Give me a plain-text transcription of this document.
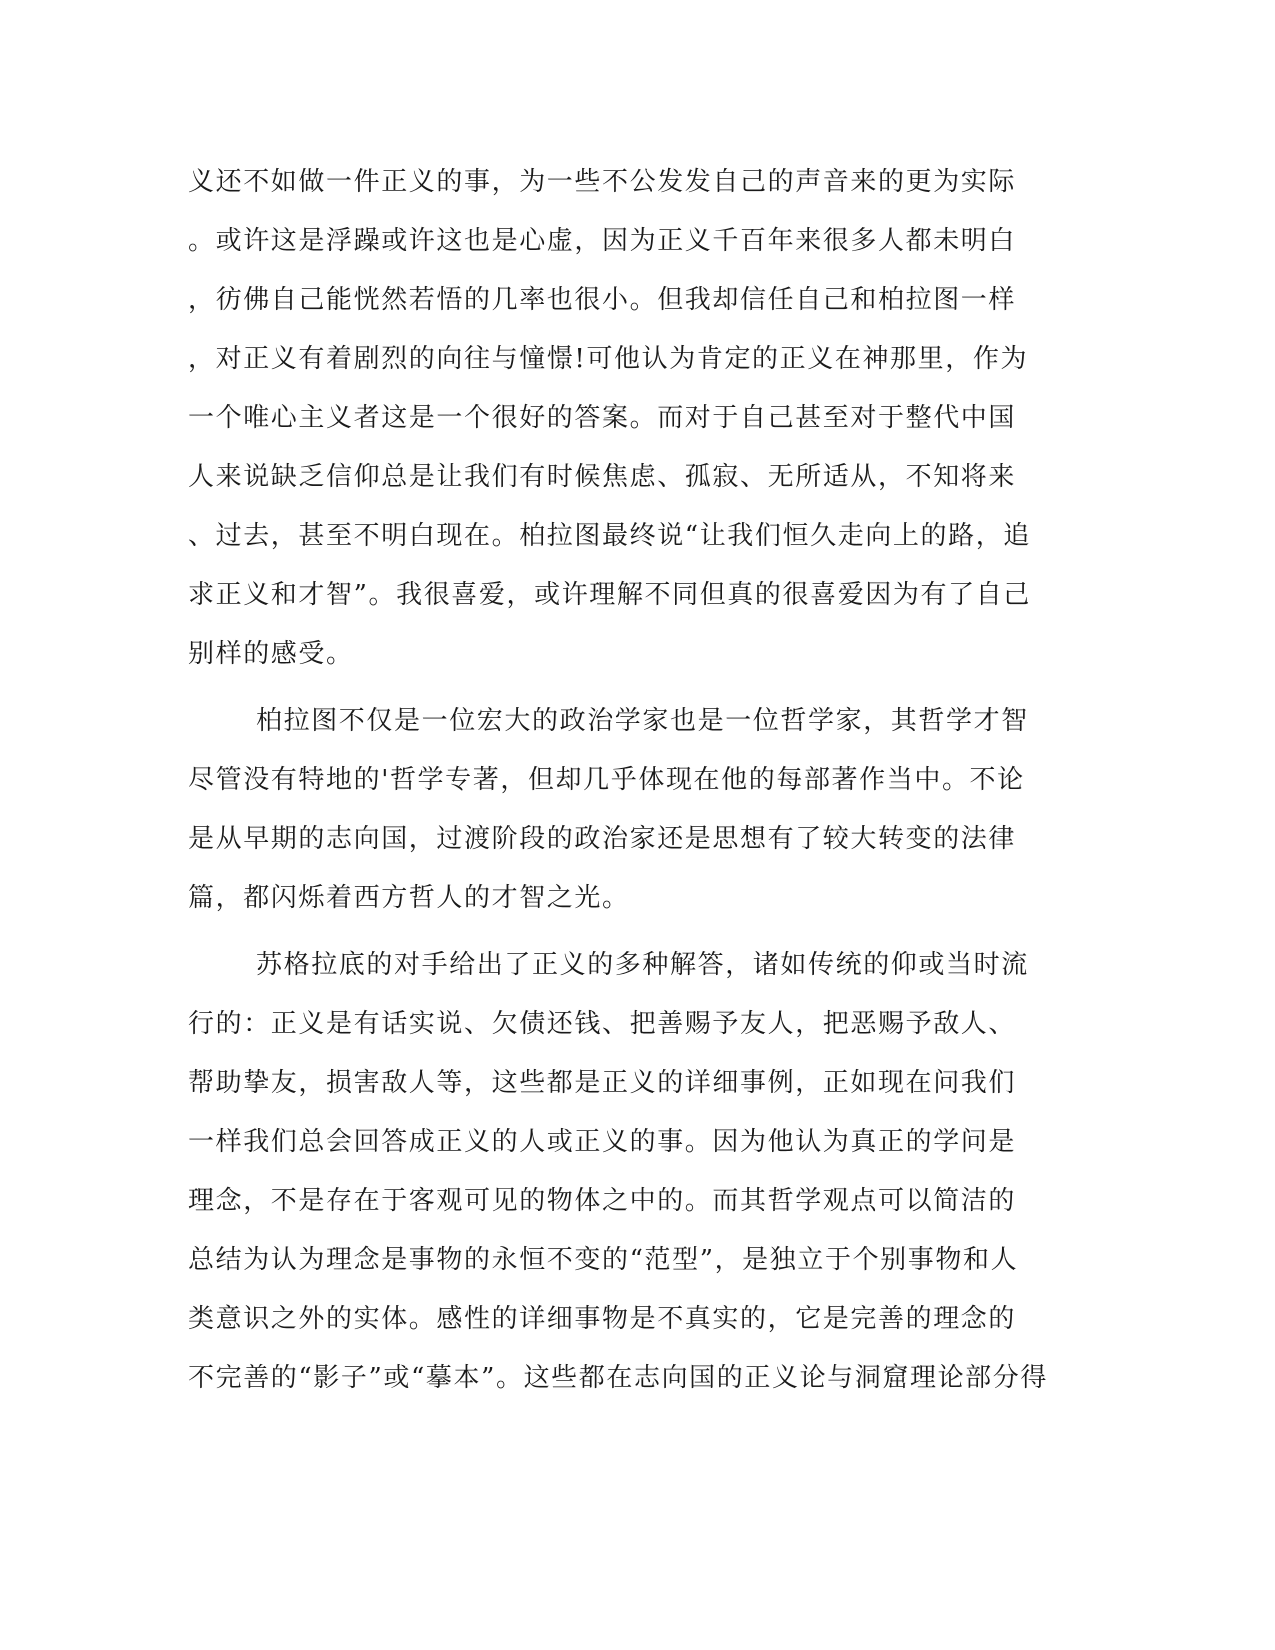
义还不如做一件正义的事，为一些不公发发自己的声音来的更为实际
。或许这是浮躁或许这也是心虚，因为正义千百年来很多人都未明白
，彷佛自己能恍然若悟的几率也很小。但我却信任自己和柏拉图一样
，对正义有着剧烈的向往与憧憬!可他认为肯定的正义在神那里，作为
一个唯心主义者这是一个很好的答案。而对于自己甚至对于整代中国
人来说缺乏信仰总是让我们有时候焦虑、孤寂、无所适从，不知将来
、过去，甚至不明白现在。柏拉图最终说“让我们恒久走向上的路，追
求正义和才智”。我很喜爱，或许理解不同但真的很喜爱因为有了自己
别样的感受。
柏拉图不仅是一位宏大的政治学家也是一位哲学家，其哲学才智
尽管没有特地的'哲学专著，但却几乎体现在他的每部著作当中。不论
是从早期的志向国，过渡阶段的政治家还是思想有了较大转变的法律
篇，都闪烁着西方哲人的才智之光。
苏格拉底的对手给出了正义的多种解答，诸如传统的仰或当时流
行的：正义是有话实说、欠债还钱、把善赐予友人，把恶赐予敌人、
帮助挚友，损害敌人等，这些都是正义的详细事例，正如现在问我们
一样我们总会回答成正义的人或正义的事。因为他认为真正的学问是
理念，不是存在于客观可见的物体之中的。而其哲学观点可以简洁的
总结为认为理念是事物的永恒不变的“范型”，是独立于个别事物和人
类意识之外的实体。感性的详细事物是不真实的，它是完善的理念的
不完善的“影子”或“摹本”。这些都在志向国的正义论与洞窟理论部分得
